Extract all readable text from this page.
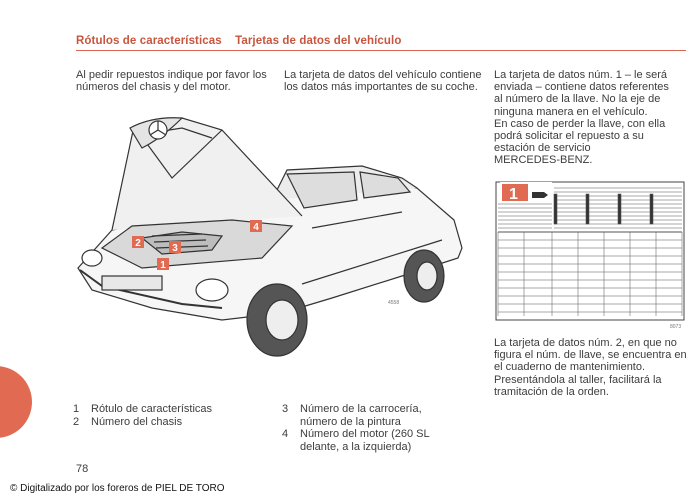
Rótulos de características Tarjetas de datos del vehículo
Al pedir repuestos indique por favor los números del chasis y del motor.
La tarjeta de datos del vehículo contiene los datos más importantes de su coche.
La tarjeta de datos núm. 1 – le será
enviada – contiene datos referentes
al número de la llave. No la eje de
ninguna manera en el vehículo.
En caso de perder la llave, con ella
podrá solicitar el repuesto a su
estación de servicio
MERCEDES-BENZ.
La tarjeta de datos núm. 2, en que no figura el núm. de llave, se encuentra en el cuaderno de mantenimiento. Presentándola al taller, facilitará la tramitación de la orden.
2	3
1
4
4558
1
8073
1	Rótulo de características
2	Número del chasis
3	Número de la carrocería,
número de la pintura
4	Número del motor (260 SL
delante, a la izquierda)
78
© Digitalizado por los foreros de PIEL DE TORO
